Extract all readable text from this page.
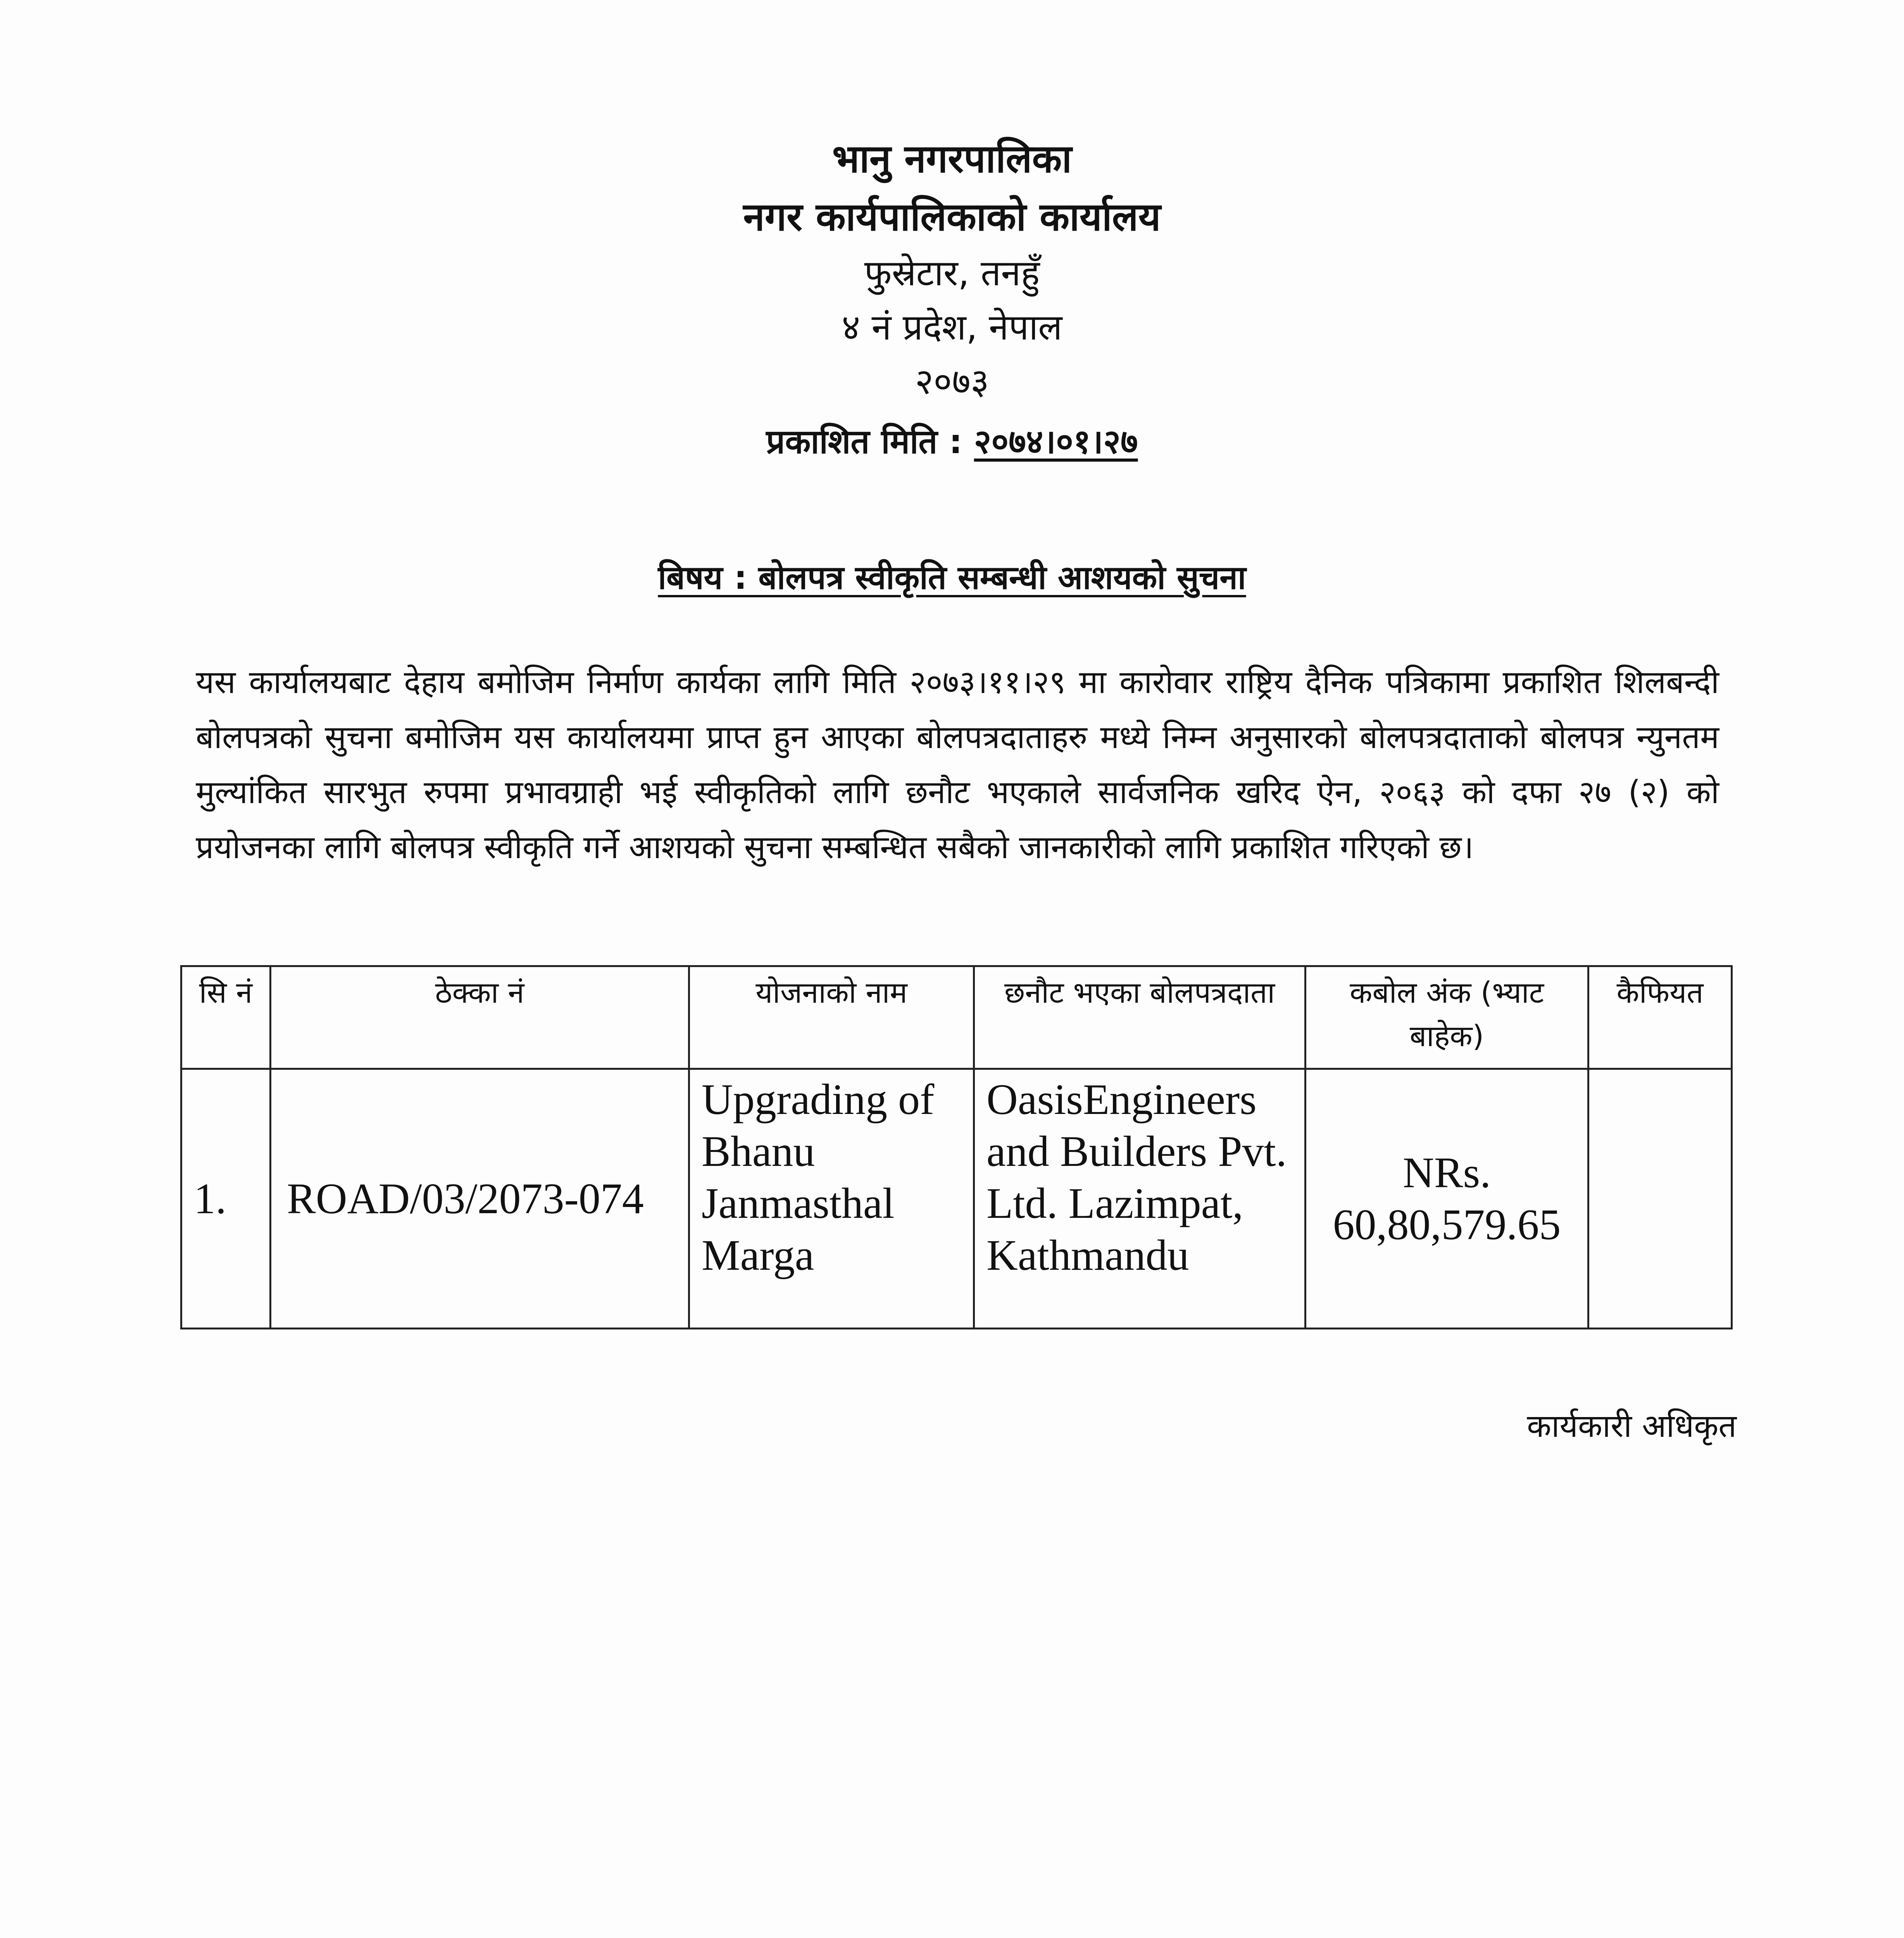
भानु नगरपालिका

नगर कार्यपालिकाको कार्यालय

फुस्रेटार, तनहुँ

४ नं प्रदेश, नेपाल

२०७३

प्रकाशित मिति : २०७४।०१।२७

बिषय : बोलपत्र स्वीकृति सम्बन्धी आशयको सुचना
यस कार्यालयबाट देहाय बमोजिम निर्माण कार्यका लागि मिति २०७३।११।२९ मा कारोवार राष्ट्रिय दैनिक पत्रिकामा प्रकाशित शिलबन्दी बोलपत्रको सुचना बमोजिम यस कार्यालयमा प्राप्त हुन आएका बोलपत्रदाताहरु मध्ये निम्न अनुसारको बोलपत्रदाताको बोलपत्र न्युनतम मुल्यांकित सारभुत रुपमा प्रभावग्राही भई स्वीकृतिको लागि छनौट भएकाले सार्वजनिक खरिद ऐन, २०६३ को दफा २७ (२) को प्रयोजनका लागि बोलपत्र स्वीकृति गर्ने आशयको सुचना सम्बन्धित सबैको जानकारीको लागि प्रकाशित गरिएको छ।
सि नं	ठेक्का नं	योजनाको नाम	छनौट भएका बोलपत्रदाता	कबोल अंक (भ्याट बाहेक)	कैफियत
1.	ROAD/03/2073-074	Upgrading of Bhanu Janmasthal Marga	OasisEngineers and Builders Pvt. Ltd. Lazimpat, Kathmandu	NRs. 60,80,579.65	
कार्यकारी अधिकृत
